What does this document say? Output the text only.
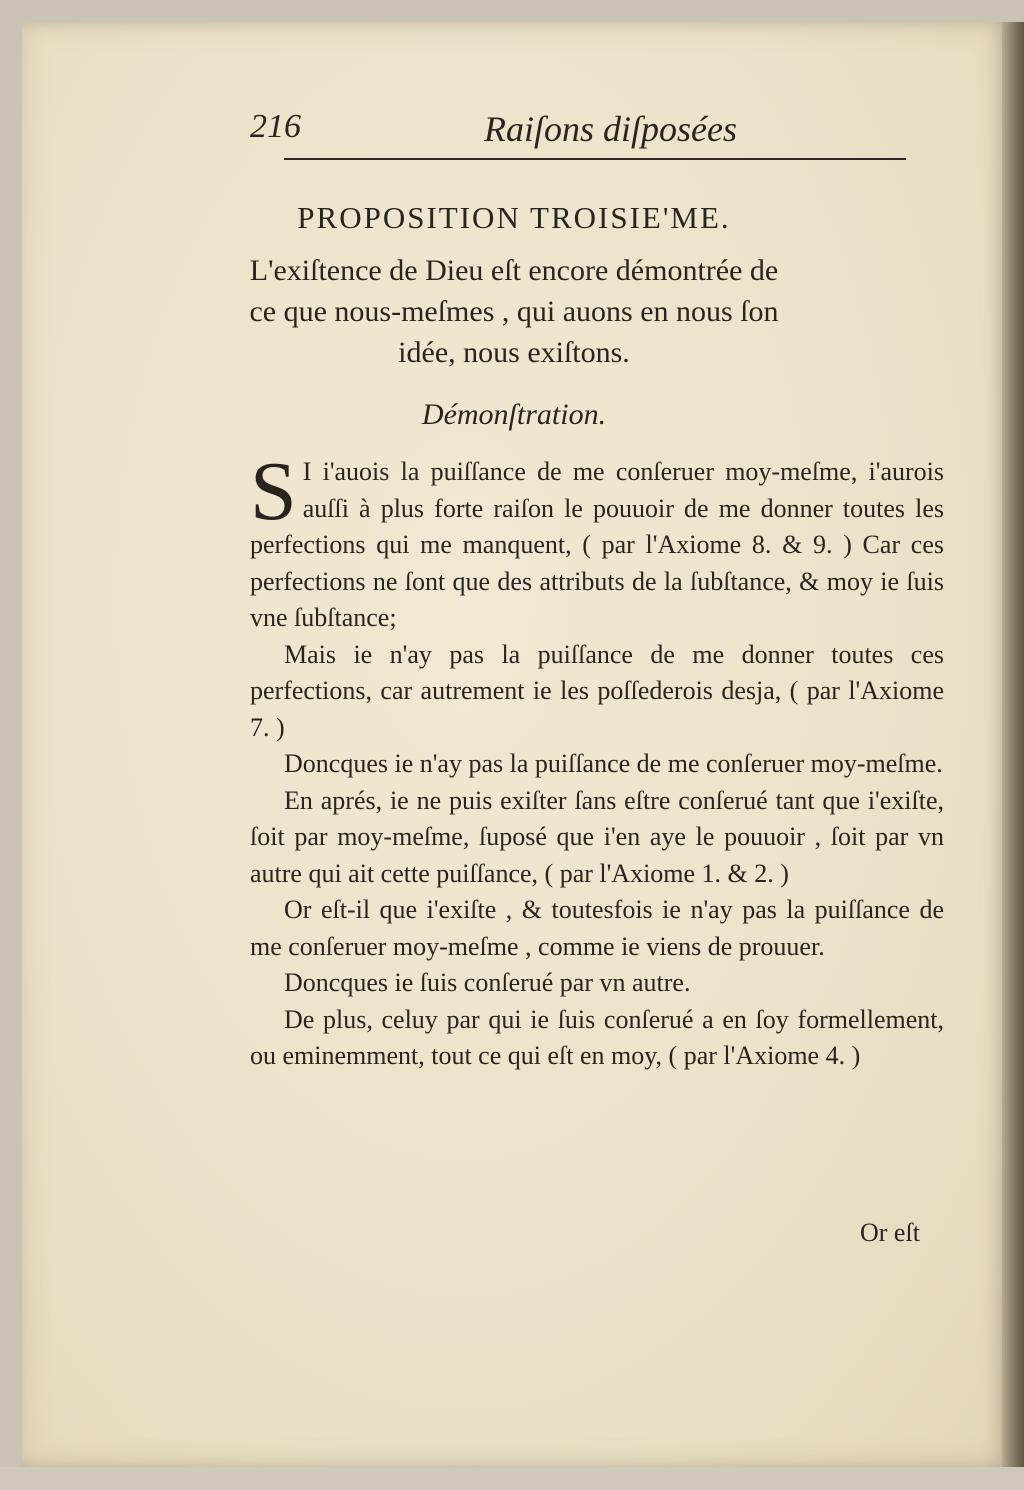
216	Raiſons diſposées
PROPOSITION TROISIE'ME.
L'exiſtence de Dieu eſt encore démontrée de ce que nous-meſmes , qui auons en nous ſon idée, nous exiſtons.
Démonſtration.

S I i'auois la puiſſance de me conſeruer moy-meſme, i'aurois auſſi à plus forte raiſon le pouuoir de me donner toutes les perfections qui me manquent, ( par l'Axiome 8. & 9. ) Car ces perfections ne ſont que des attributs de la ſubſtance, & moy ie ſuis vne ſubſtance;

Mais ie n'ay pas la puiſſance de me donner toutes ces perfections, car autrement ie les poſſederois desja, ( par l'Axiome 7. )

Doncques ie n'ay pas la puiſſance de me conſeruer moy-meſme.

En aprés, ie ne puis exiſter ſans eſtre conſerué tant que i'exiſte, ſoit par moy-meſme, ſuposé que i'en aye le pouuoir , ſoit par vn autre qui ait cette puiſſance, ( par l'Axiome 1. & 2. )

Or eſt-il que i'exiſte , & toutesfois ie n'ay pas la puiſſance de me conſeruer moy-meſme , comme ie viens de prouuer.

Doncques ie ſuis conſerué par vn autre.

De plus, celuy par qui ie ſuis conſerué a en ſoy formellement, ou eminemment, tout ce qui eſt en moy, ( par l'Axiome 4. )

Or eſt
